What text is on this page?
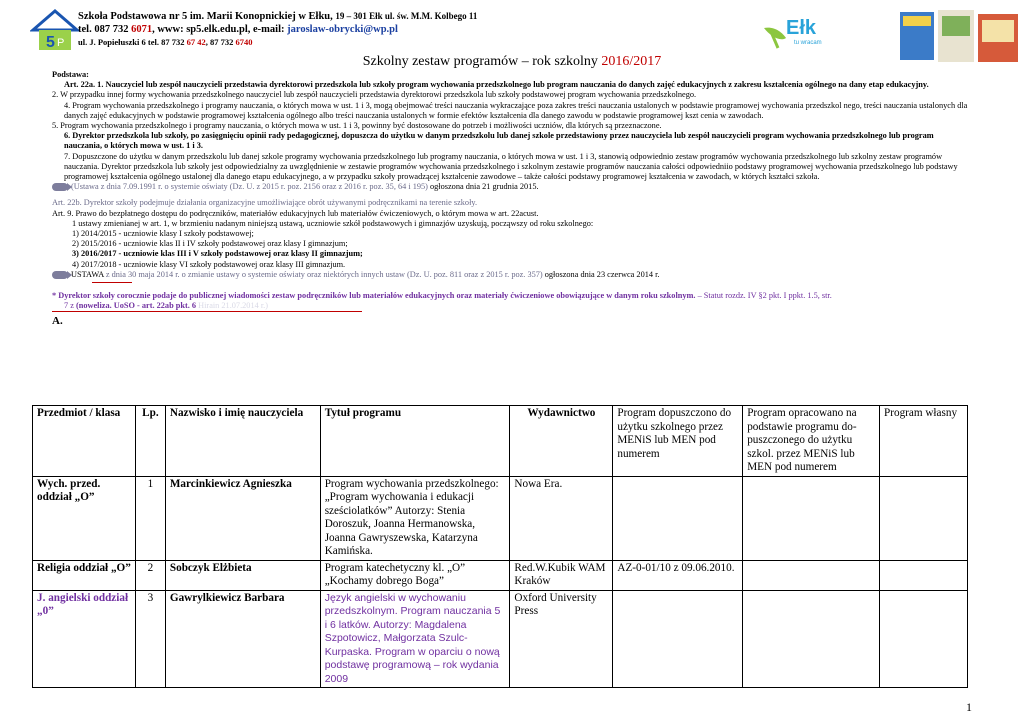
5 P
Szkoła Podstawowa nr 5 im. Marii Konopnickiej w Ełku, 19 – 301 Ełk ul. św. M.M. Kolbego 11
tel. 087 732 6071, www: sp5.elk.edu.pl, e-mail: jaroslaw-obrycki@wp.pl
ul. J. Popiełuszki 6 tel. 87 732 67 42, 87 732 6740
Ełk
tu wracam
Szkolny zestaw programów – rok szkolny 2016/2017

Podstawa:

Art. 22a. 1. Nauczyciel lub zespół nauczycieli przedstawia dyrektorowi przedszkola lub szkoły program wychowania przedszkolnego lub program nauczania do danych zajęć edukacyjnych z zakresu kształcenia ogólnego na dany etap edukacyjny.

2. W przypadku innej formy wychowania przedszkolnego nauczyciel lub zespół nauczycieli przedstawia dyrektorowi przedszkola lub szkoły podstawowej program wychowania przedszkolnego.

4. Program wychowania przedszkolnego i programy nauczania, o których mowa w ust. 1 i 3, mogą obejmować treści nauczania wykraczające poza zakres treści nauczania ustalonych w podstawie programowej wychowania przedszkol nego, treści nauczania ustalonych dla danych zajęć edukacyjnych w podstawie programowej kształcenia ogólnego albo treści nauczania ustalonych w formie efektów kształcenia dla danego zawodu w podstawie programowej kszt cenia w zawodach.

5. Program wychowania przedszkolnego i programy nauczania, o których mowa w ust. 1 i 3, powinny być dostosowane do potrzeb i możliwości uczniów, dla których są przeznaczone.

6. Dyrektor przedszkola lub szkoły, po zasięgnięciu opinii rady pedagogicznej, dopuszcza do użytku w danym przedszkolu lub danej szkole przedstawiony przez nauczyciela lub zespół nauczycieli program wychowania przedszkolnego lub program nauczania, o których mowa w ust. 1 i 3.

7. Dopuszczone do użytku w danym przedszkolu lub danej szkole programy wychowania przedszkolnego lub programy nauczania, o których mowa w ust. 1 i 3, stanowią odpowiednio zestaw programów wychowania przedszkolnego lub szkolny zestaw programów nauczania. Dyrektor przedszkola lub szkoły jest odpowiedzialny za uwzględnienie w zestawie programów wychowania przedszkolnego i szkolnym zestawie programów nauczania całości odpowiedniio podstawy programowej wychowania przedszkolnego lub podstawy programowej kształcenia ogólnego ustalonej dla danego etapu edukacyjnego, a w przypadku szkoły prowadzącej kształcenie zawodowe – także całości podstawy programowej kształcenia w zawodach, w których kształci szkoła.

(Ustawa z dnia 7.09.1991 r. o systemie oświaty (Dz. U. z 2015 r. poz. 2156 oraz z 2016 r. poz. 35, 64 i 195) ogłoszona dnia 21 grudnia 2015.

Art. 22b. Dyrektor szkoły podejmuje działania organizacyjne umożliwiające obrót używanymi podręcznikami na terenie szkoły.

Art. 9. Prawo do bezpłatnego dostępu do podręczników, materiałów edukacyjnych lub materiałów ćwiczeniowych, o którym mowa w art. 22acust.

1 ustawy zmienianej w art. 1, w brzmieniu nadanym niniejszą ustawą, uczniowie szkół podstawowych i gimnazjów uzyskują, począwszy od roku szkolnego:

1) 2014/2015 - uczniowie klasy I szkoły podstawowej;

2) 2015/2016 - uczniowie klas II i IV szkoły podstawowej oraz klasy I gimnazjum;

3) 2016/2017 - uczniowie klas III i V szkoły podstawowej oraz klasy II gimnazjum;

4) 2017/2018 - uczniowie klasy VI szkoły podstawowej oraz klasy III gimnazjum.

USTAWA z dnia 30 maja 2014 r. o zmianie ustawy o systemie oświaty oraz niektórych innych ustaw (Dz. U. poz. 811 oraz z 2015 r. poz. 357) ogłoszona dnia 23 czerwca 2014 r.

* Dyrektor szkoły corocznie podaje do publicznej wiadomości zestaw podręczników lub materiałów edukacyjnych oraz materiały ćwiczeniowe obowiązujące w danym roku szkolnym. – Statut rozdz. IV §2 pkt. I ppkt. 1.5, str.

7 z (noweliza. UoSO - art. 22ab pkt. 6 Hirain 21.07.2014 r.)

A.

Przedmiot / klasa	Lp.	Nazwisko i imię nauczyciela	Tytuł programu	Wydawnictwo	Program dopuszczono do użytku szkolnego przez MENiS lub MEN pod numerem	Program opracowano na podstawie programu dopuszczonego do użytku szkol. przez MENiS lub MEN pod numerem	Program własny
Wych. przed. oddział „O”	1	Marcinkiewicz Agnieszka	Program wychowania przedszkolnego: „Program wychowania i edukacji sześciolatków” Autorzy: Stenia Doroszuk, Joanna Hermanowska, Joanna Gawryszewska, Katarzyna Kamińska.	Nowa Era.			
Religia oddział „O”	2	Sobczyk Elżbieta	Program katechetyczny kl. „O” „Kochamy dobrego Boga”	Red.W.Kubik WAM Kraków	AZ-0-01/10 z 09.06.2010.		
J. angielski oddział „0”	3	Gawrylkiewicz Barbara	Język angielski w wychowaniu przedszkolnym. Program nauczania 5 i 6 latków. Autorzy: Magdalena Szpotowicz, Małgorzata Szulc-Kurpaska. Program w oparciu o nową podstawę programową – rok wydania 2009	Oxford University Press			
1
